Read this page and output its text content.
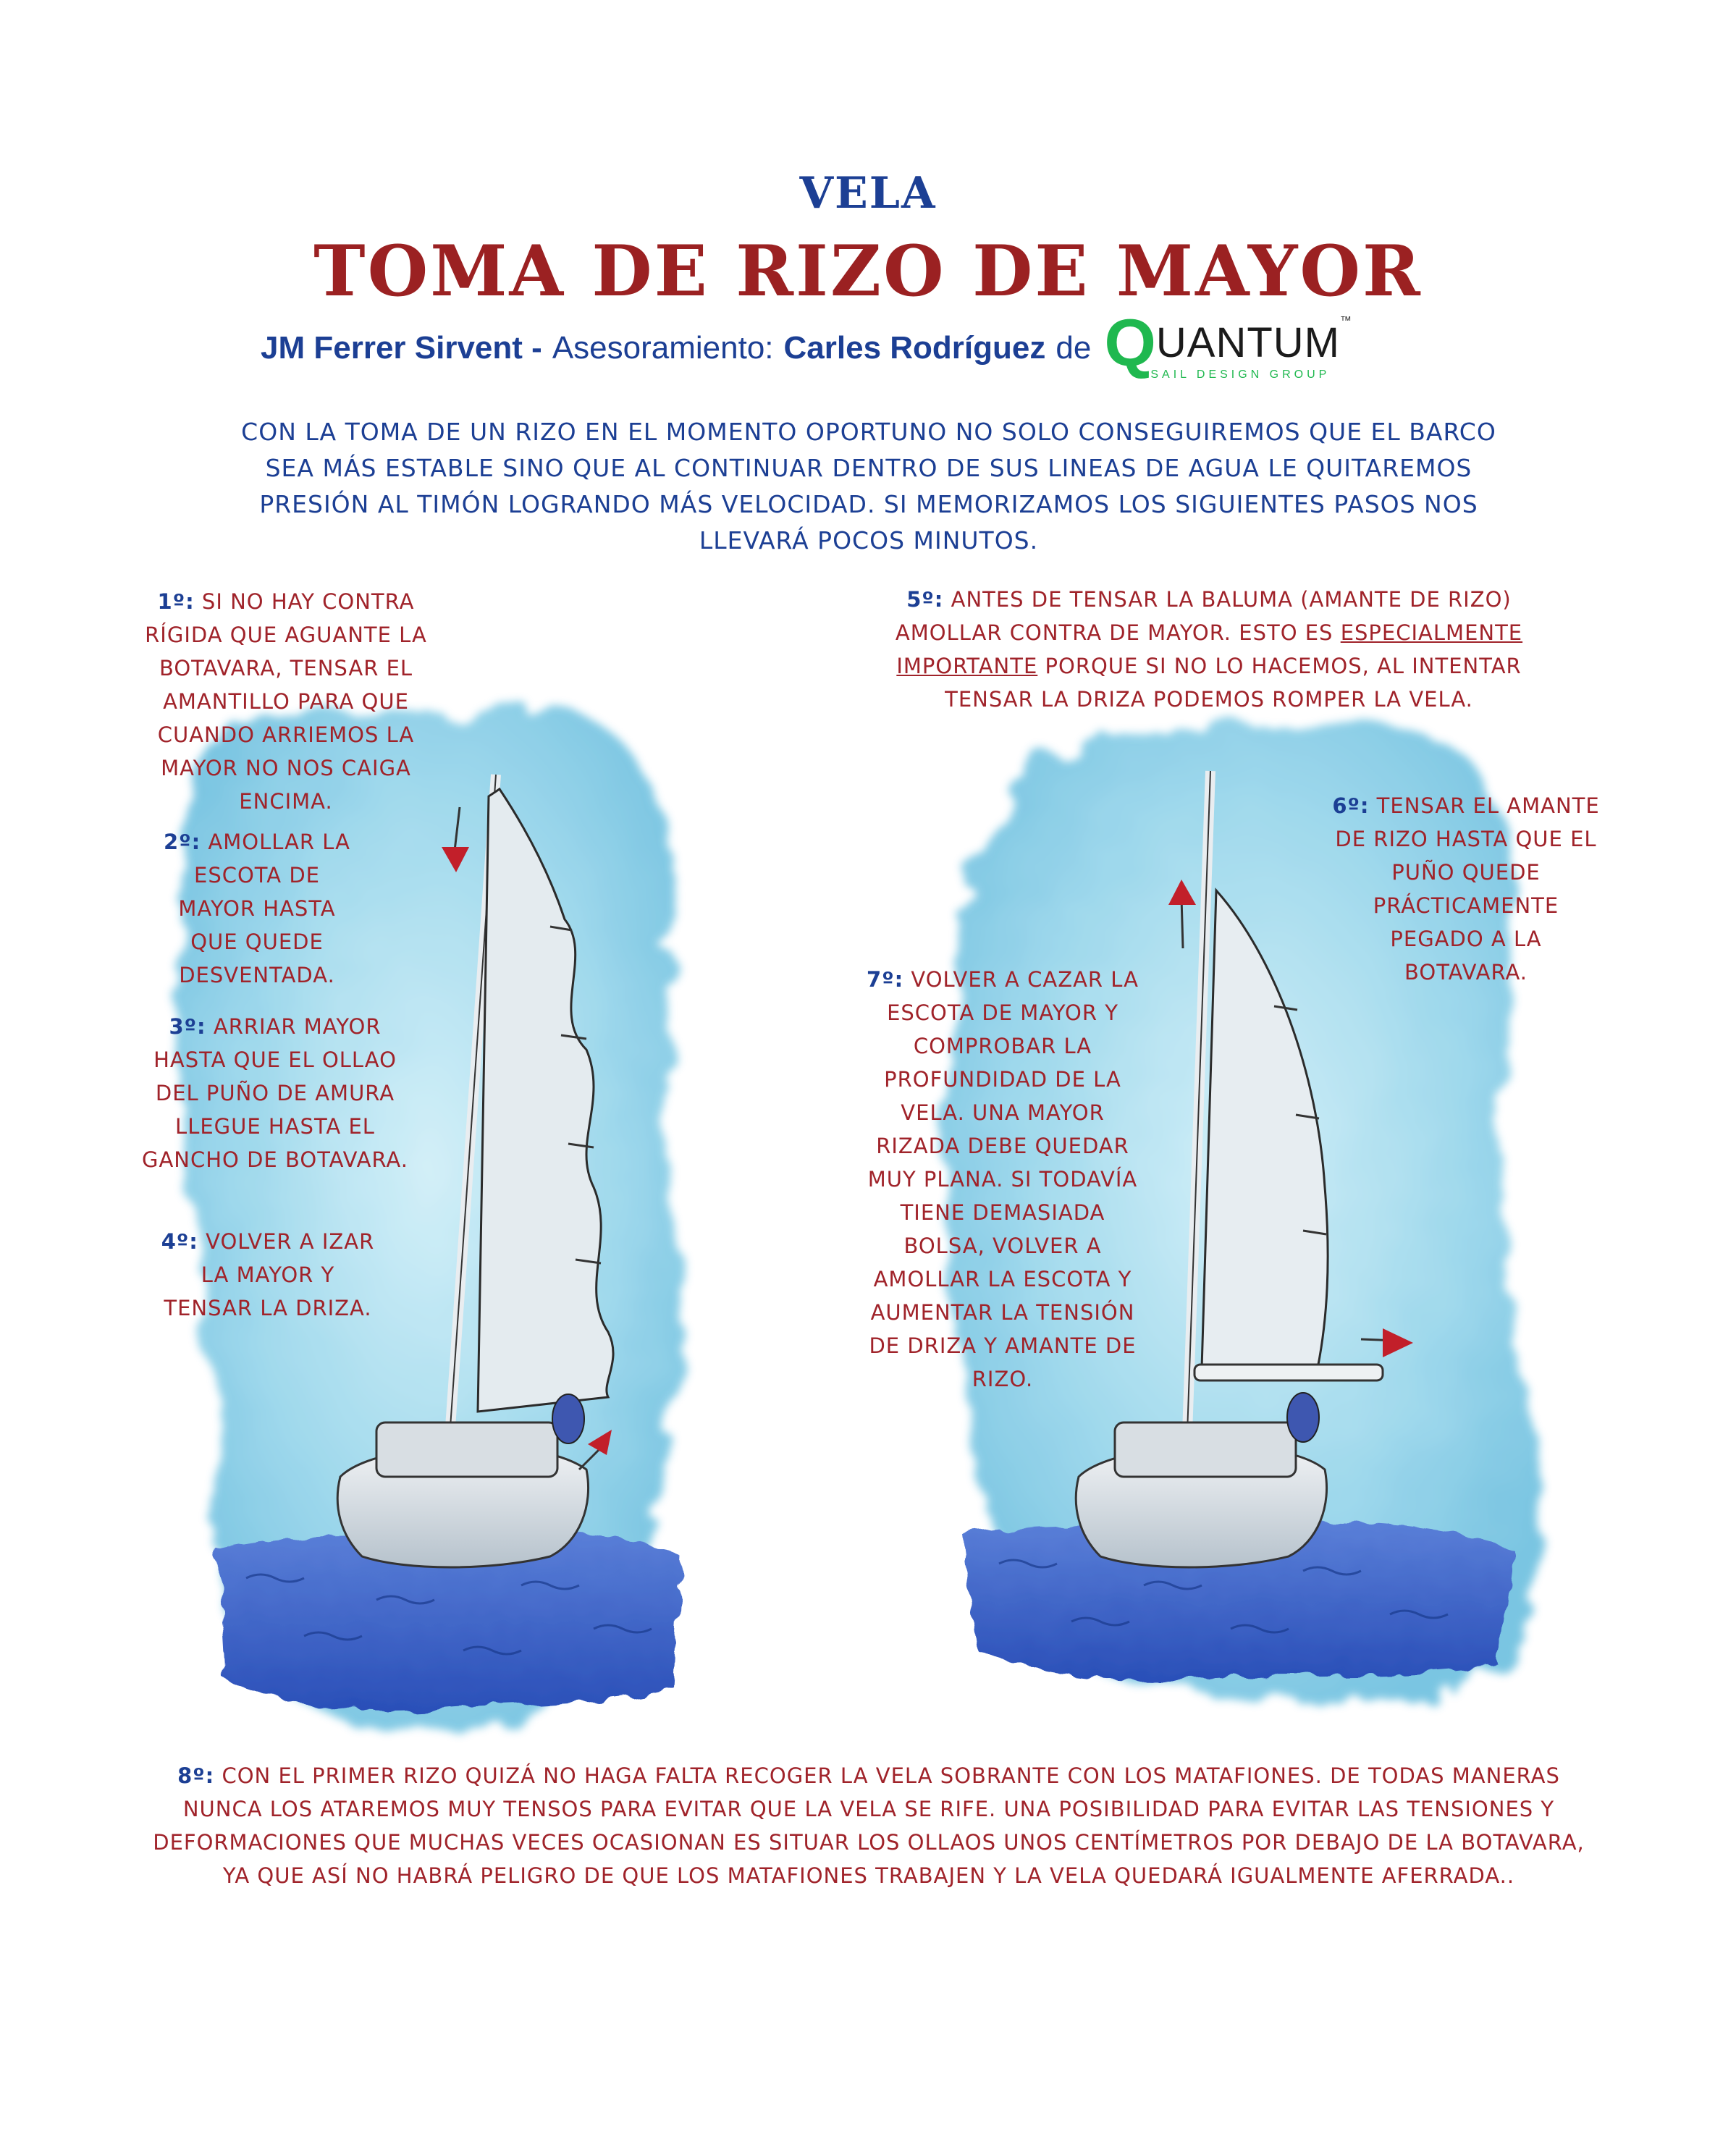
VELA
TOMA DE RIZO DE MAYOR
JM Ferrer Sirvent - Asesoramiento: Carles Rodríguez de Q UANTUM ™
SAIL DESIGN GROUP
CON LA TOMA DE UN RIZO EN EL MOMENTO OPORTUNO NO SOLO CONSEGUIREMOS QUE EL BARCO SEA MÁS ESTABLE SINO QUE AL CONTINUAR DENTRO DE SUS LINEAS DE AGUA LE QUITAREMOS PRESIÓN AL TIMÓN LOGRANDO MÁS VELOCIDAD. SI MEMORIZAMOS LOS SIGUIENTES PASOS NOS LLEVARÁ POCOS MINUTOS.
1º: SI NO HAY CONTRA RÍGIDA QUE AGUANTE LA BOTAVARA, TENSAR EL AMANTILLO PARA QUE CUANDO ARRIEMOS LA MAYOR NO NOS CAIGA ENCIMA.
2º: AMOLLAR LA ESCOTA DE MAYOR HASTA QUE QUEDE DESVENTADA.
3º: ARRIAR MAYOR HASTA QUE EL OLLAO DEL PUÑO DE AMURA LLEGUE HASTA EL GANCHO DE BOTAVARA.
4º: VOLVER A IZAR LA MAYOR Y TENSAR LA DRIZA.
5º: ANTES DE TENSAR LA BALUMA (AMANTE DE RIZO) AMOLLAR CONTRA DE MAYOR. ESTO ES ESPECIALMENTE IMPORTANTE PORQUE SI NO LO HACEMOS, AL INTENTAR TENSAR LA DRIZA PODEMOS ROMPER LA VELA.
6º: TENSAR EL AMANTE DE RIZO HASTA QUE EL PUÑO QUEDE PRÁCTICAMENTE PEGADO A LA BOTAVARA.
7º: VOLVER A CAZAR LA ESCOTA DE MAYOR Y COMPROBAR LA PROFUNDIDAD DE LA VELA. UNA MAYOR RIZADA DEBE QUEDAR MUY PLANA. SI TODAVÍA TIENE DEMASIADA BOLSA, VOLVER A AMOLLAR LA ESCOTA Y AUMENTAR LA TENSIÓN DE DRIZA Y AMANTE DE RIZO.
8º: CON EL PRIMER RIZO QUIZÁ NO HAGA FALTA RECOGER LA VELA SOBRANTE CON LOS MATAFIONES. DE TODAS MANERAS NUNCA LOS ATAREMOS MUY TENSOS PARA EVITAR QUE LA VELA SE RIFE. UNA POSIBILIDAD PARA EVITAR LAS TENSIONES Y DEFORMACIONES QUE MUCHAS VECES OCASIONAN ES SITUAR LOS OLLAOS UNOS CENTÍMETROS POR DEBAJO DE LA BOTAVARA, YA QUE ASÍ NO HABRÁ PELIGRO DE QUE LOS MATAFIONES TRABAJEN Y LA VELA QUEDARÁ IGUALMENTE AFERRADA..
